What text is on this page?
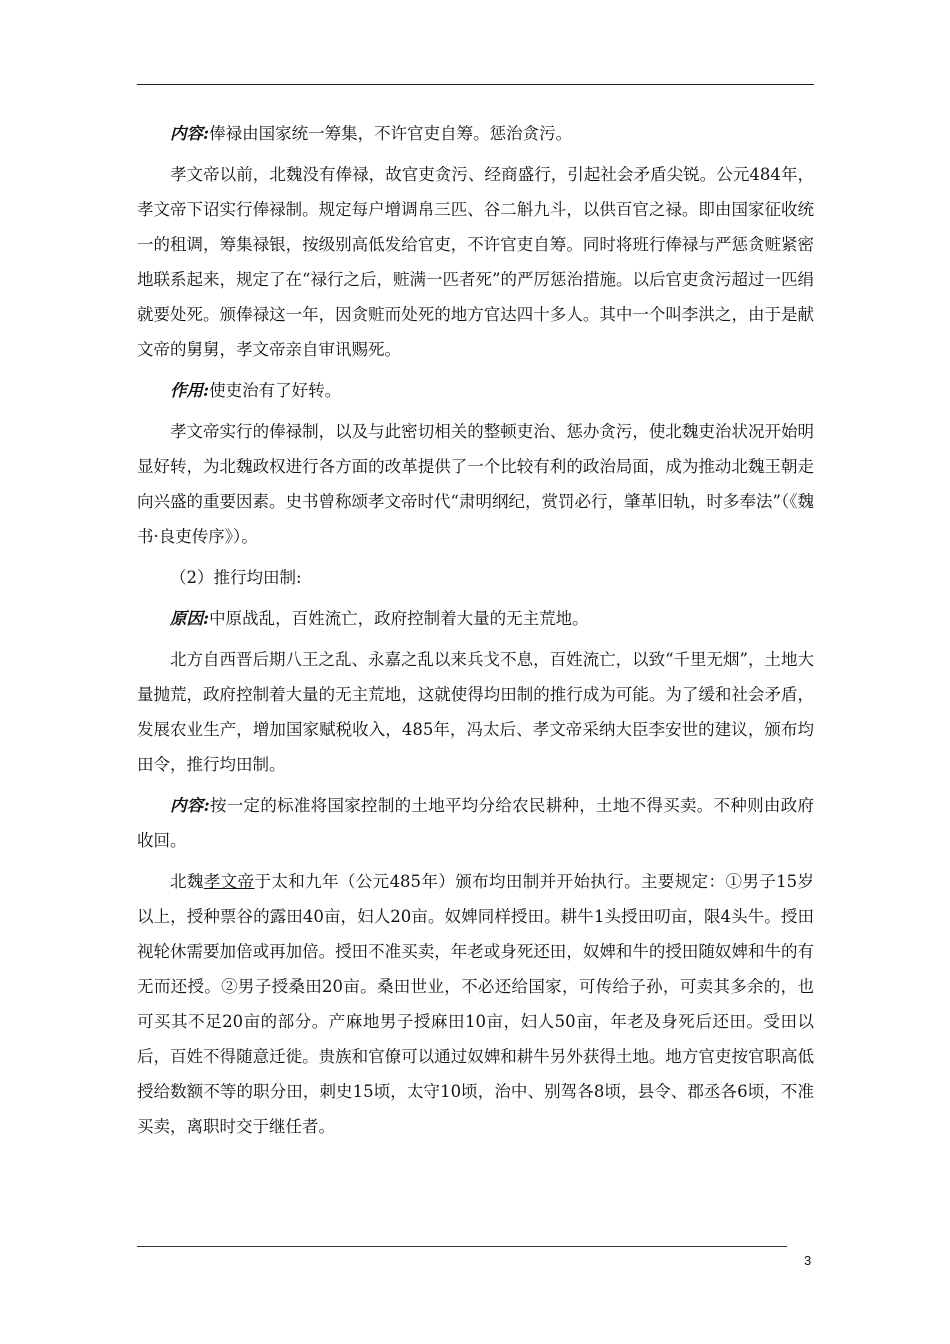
内容:俸禄由国家统一筹集，不许官吏自筹。惩治贪污。

孝文帝以前，北魏没有俸禄，故官吏贪污、经商盛行，引起社会矛盾尖锐。公元484年，孝文帝下诏实行俸禄制。规定每户增调帛三匹、谷二斛九斗，以供百官之禄。即由国家征收统一的租调，筹集禄银，按级别高低发给官吏，不许官吏自筹。同时将班行俸禄与严惩贪赃紧密地联系起来，规定了在“禄行之后，赃满一匹者死”的严厉惩治措施。以后官吏贪污超过一匹绢就要处死。颁俸禄这一年，因贪赃而处死的地方官达四十多人。其中一个叫李洪之，由于是献文帝的舅舅，孝文帝亲自审讯赐死。

作用:使吏治有了好转。

孝文帝实行的俸禄制，以及与此密切相关的整顿吏治、惩办贪污，使北魏吏治状况开始明显好转，为北魏政权进行各方面的改革提供了一个比较有利的政治局面，成为推动北魏王朝走向兴盛的重要因素。史书曾称颂孝文帝时代“肃明纲纪，赏罚必行，肇革旧轨，时多奉法”（《魏书·良吏传序》）。

（2）推行均田制:

原因:中原战乱，百姓流亡，政府控制着大量的无主荒地。

北方自西晋后期八王之乱、永嘉之乱以来兵戈不息，百姓流亡，以致“千里无烟”，土地大量抛荒，政府控制着大量的无主荒地，这就使得均田制的推行成为可能。为了缓和社会矛盾，发展农业生产，增加国家赋税收入，485年，冯太后、孝文帝采纳大臣李安世的建议，颁布均田令，推行均田制。

内容:按一定的标准将国家控制的土地平均分给农民耕种，土地不得买卖。不种则由政府收回。

北魏孝文帝于太和九年（公元485年）颁布均田制并开始执行。主要规定：①男子15岁以上，授种票谷的露田40亩，妇人20亩。奴婢同样授田。耕牛1头授田叨亩，限4头牛。授田视轮休需要加倍或再加倍。授田不准买卖，年老或身死还田，奴婢和牛的授田随奴婢和牛的有无而还授。②男子授桑田20亩。桑田世业，不必还给国家，可传给子孙，可卖其多余的，也可买其不足20亩的部分。产麻地男子授麻田10亩，妇人50亩，年老及身死后还田。受田以后，百姓不得随意迁徙。贵族和官僚可以通过奴婢和耕牛另外获得土地。地方官吏按官职高低授给数额不等的职分田，刺史15顷，太守10顷，治中、别驾各8顷，县令、郡丞各6顷，不准买卖，离职时交于继任者。

3
